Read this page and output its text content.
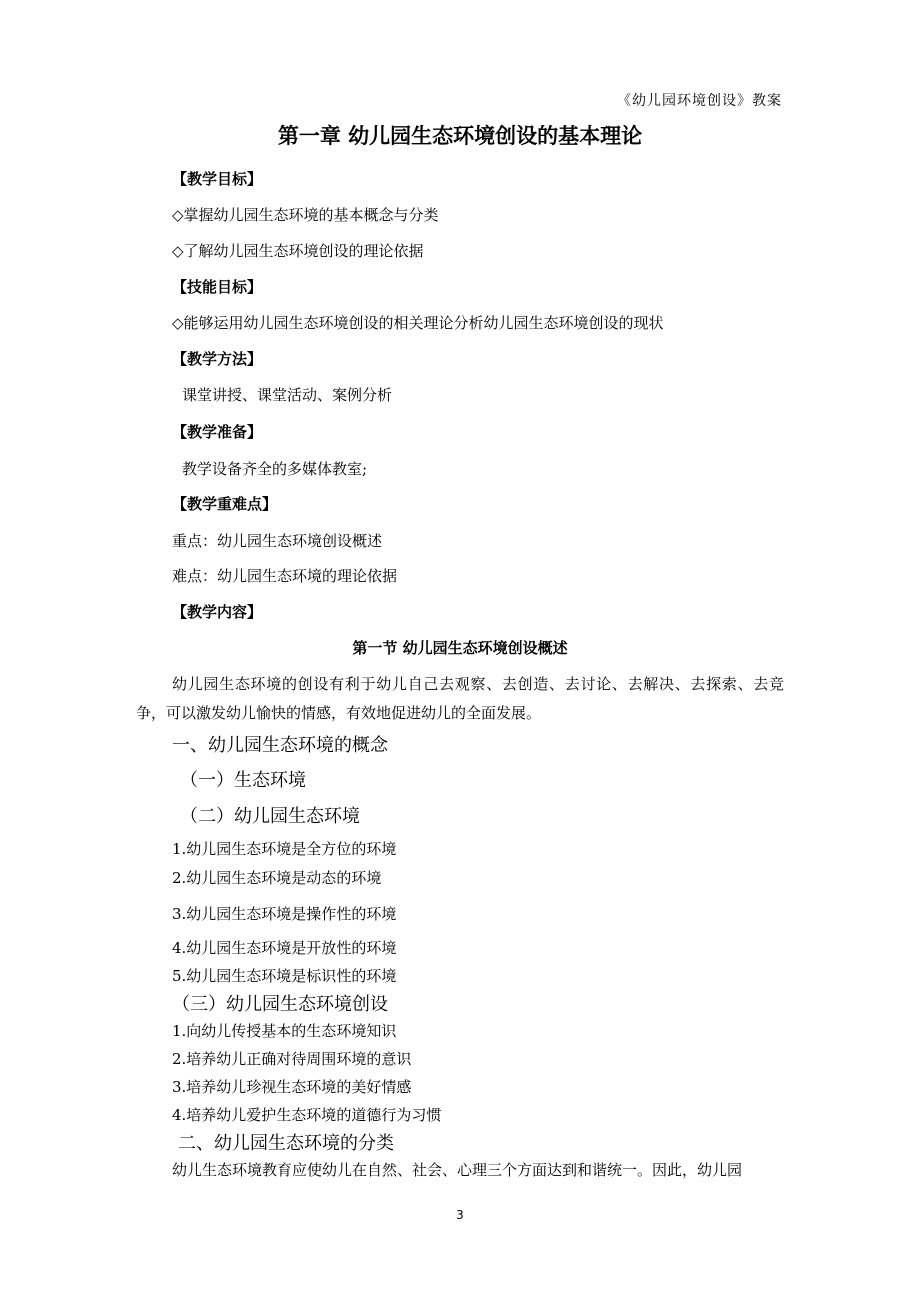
《幼儿园环境创设》教案
第一章 幼儿园生态环境创设的基本理论
【教学目标】
◇掌握幼儿园生态环境的基本概念与分类
◇了解幼儿园生态环境创设的理论依据
【技能目标】
◇能够运用幼儿园生态环境创设的相关理论分析幼儿园生态环境创设的现状
【教学方法】
课堂讲授、课堂活动、案例分析
【教学准备】
教学设备齐全的多媒体教室;
【教学重难点】
重点：幼儿园生态环境创设概述
难点：幼儿园生态环境的理论依据
【教学内容】
第一节 幼儿园生态环境创设概述
幼儿园生态环境的创设有利于幼儿自己去观察、去创造、去讨论、去解决、去探索、去竞争，可以激发幼儿愉快的情感，有效地促进幼儿的全面发展。
一、幼儿园生态环境的概念
（一）生态环境
（二）幼儿园生态环境
1.幼儿园生态环境是全方位的环境
2.幼儿园生态环境是动态的环境
3.幼儿园生态环境是操作性的环境
4.幼儿园生态环境是开放性的环境
5.幼儿园生态环境是标识性的环境
（三）幼儿园生态环境创设
1.向幼儿传授基本的生态环境知识
2.培养幼儿正确对待周围环境的意识
3.培养幼儿珍视生态环境的美好情感
4.培养幼儿爱护生态环境的道德行为习惯
二、幼儿园生态环境的分类
幼儿生态环境教育应使幼儿在自然、社会、心理三个方面达到和谐统一。因此，幼儿园
3
